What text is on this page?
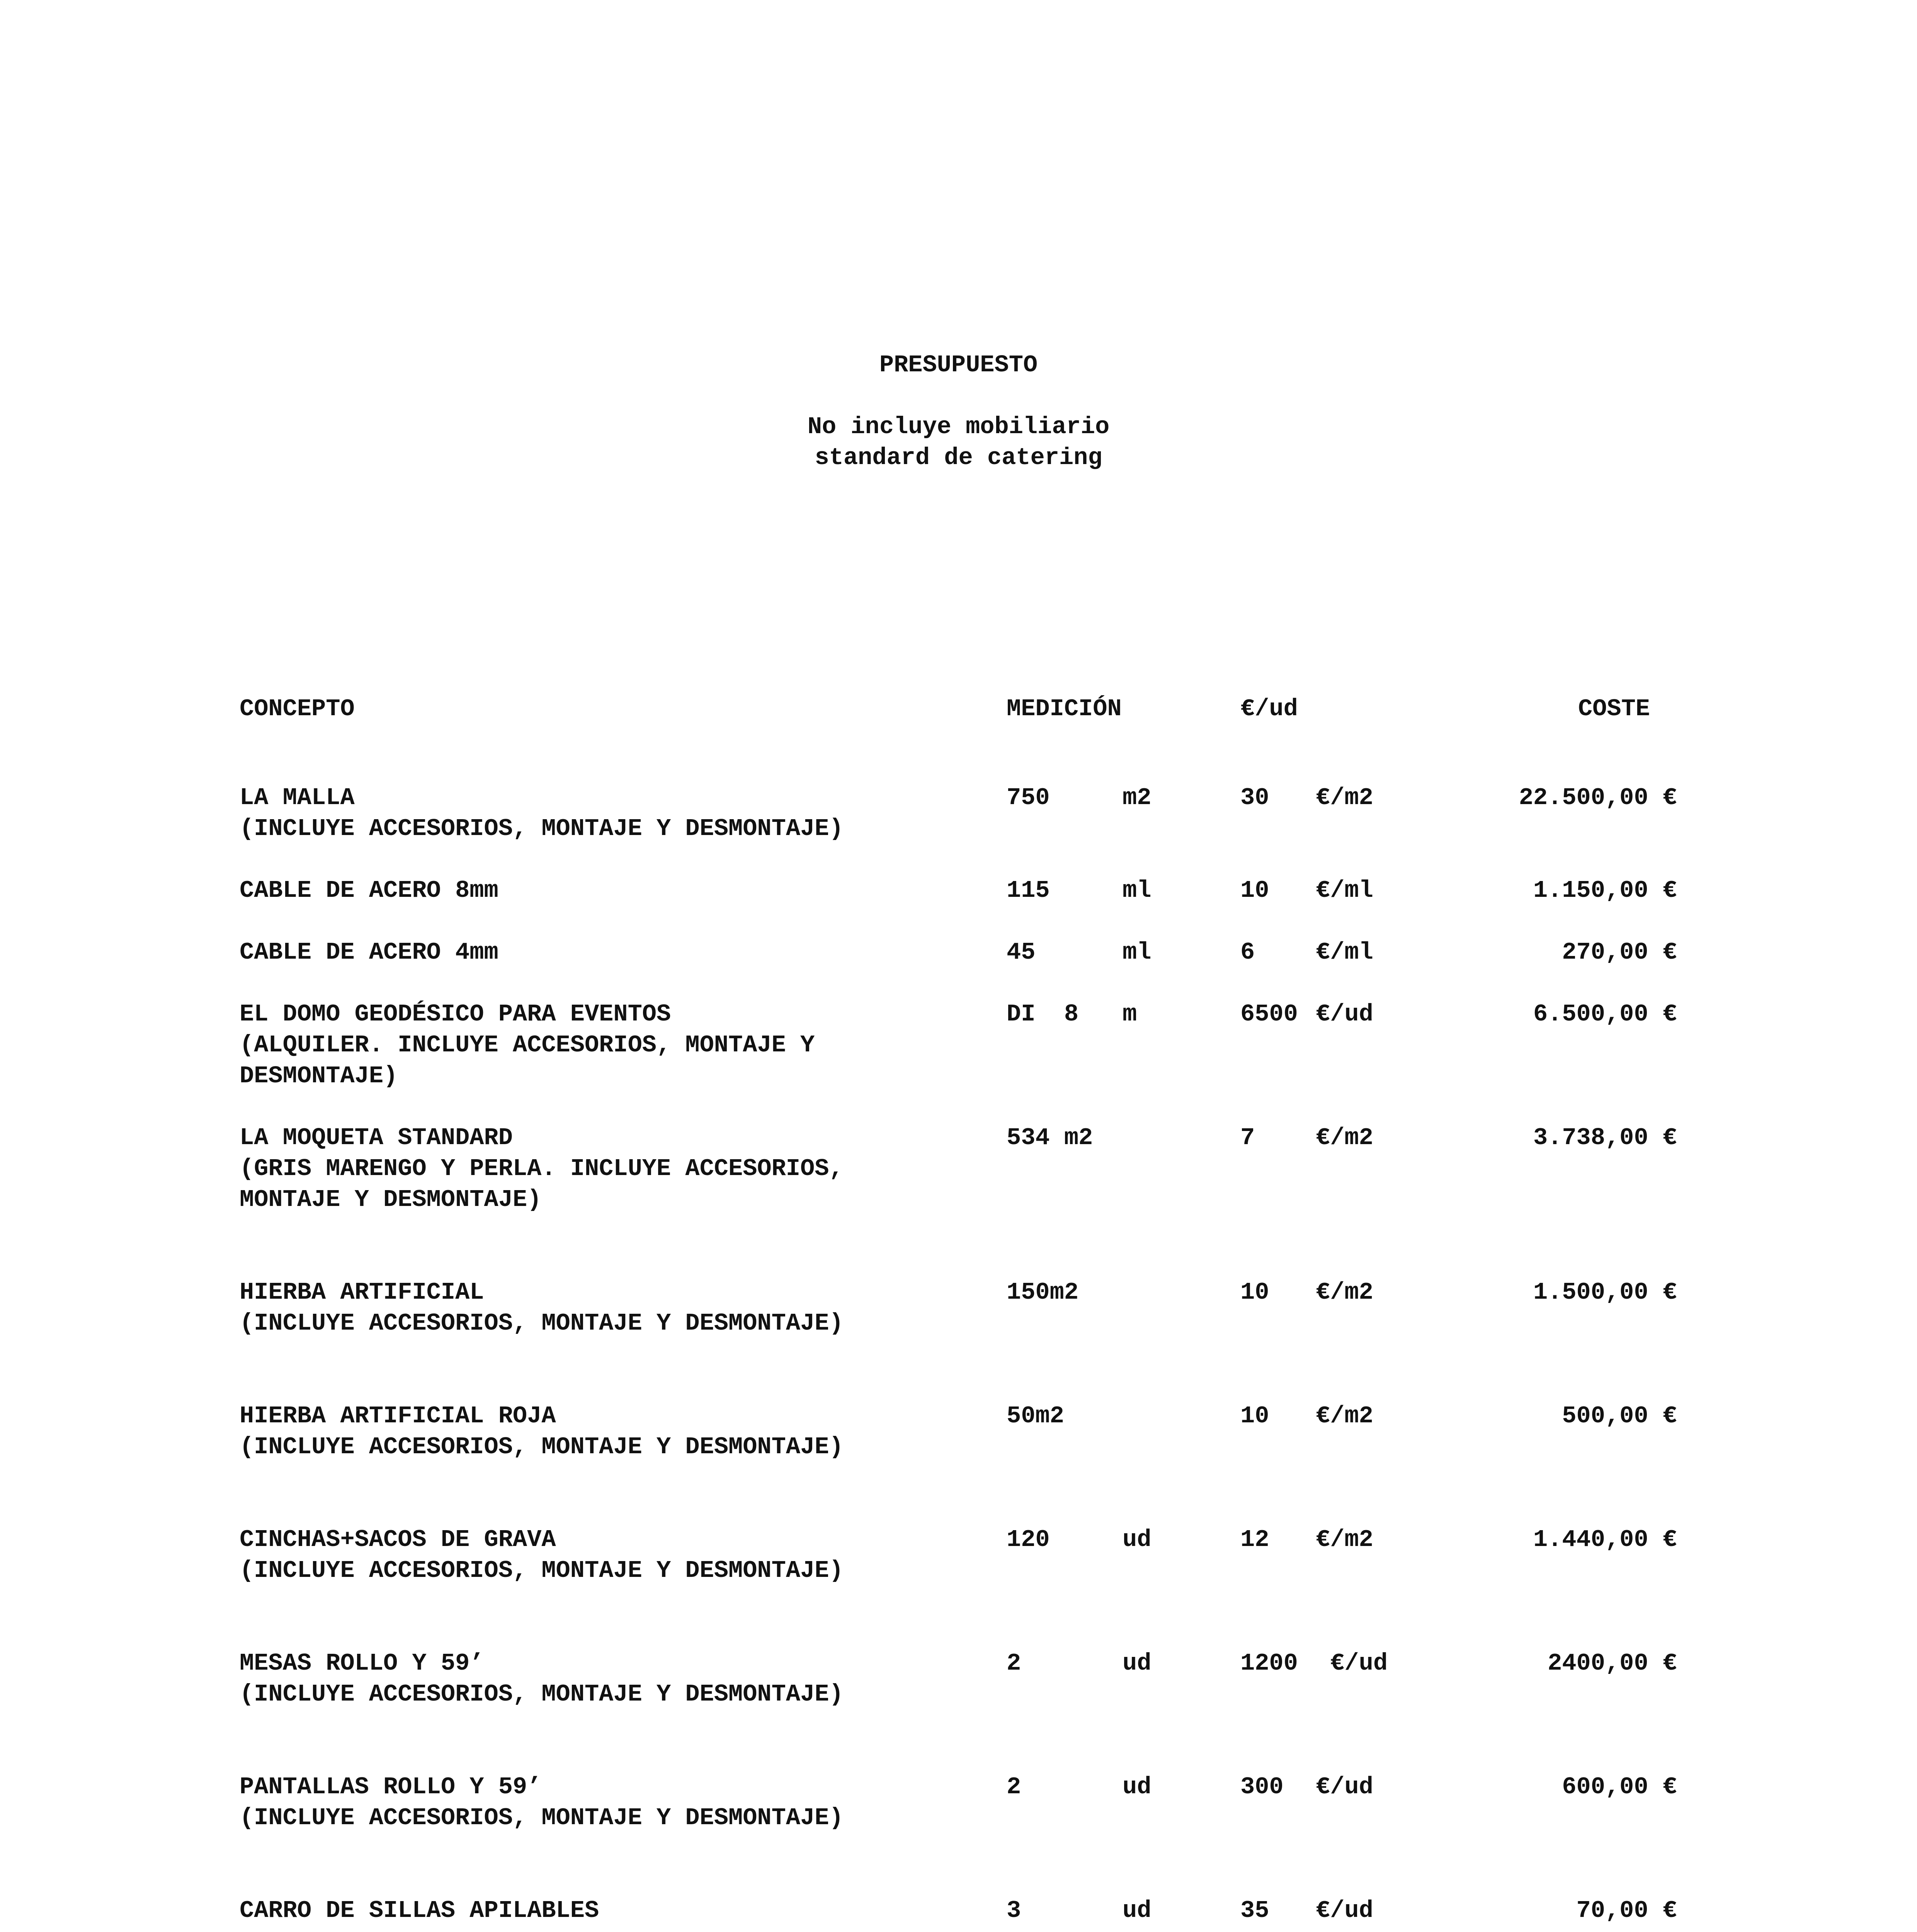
PRESUPUESTO
No incluye mobiliario
standard de catering
CONCEPTO	MEDICIÓN	€/ud	COSTE
LA MALLA
(INCLUYE ACCESORIOS, MONTAJE Y DESMONTAJE)
750	m2	30 €/m2	22.500,00 €
CABLE DE ACERO 8mm	115	ml	10 €/ml	1.150,00 €
CABLE DE ACERO 4mm	45	ml	6	€/ml	270,00 €
EL DOMO GEODÉSICO PARA EVENTOS
(ALQUILER. INCLUYE ACCESORIOS, MONTAJE Y
DESMONTAJE)
DI  8 m	6500 €/ud	6.500,00 €
LA MOQUETA STANDARD
(GRIS MARENGO Y PERLA. INCLUYE ACCESORIOS,
MONTAJE Y DESMONTAJE)
534 m2	7	€/m2	3.738,00 €
HIERBA ARTIFICIAL
(INCLUYE ACCESORIOS, MONTAJE Y DESMONTAJE)
150m2	10 €/m2	1.500,00 €
HIERBA ARTIFICIAL ROJA
(INCLUYE ACCESORIOS, MONTAJE Y DESMONTAJE)
50m2	10 €/m2	500,00 €
CINCHAS+SACOS DE GRAVA
(INCLUYE ACCESORIOS, MONTAJE Y DESMONTAJE)
120	ud	12 €/m2	1.440,00 €
MESAS ROLLO Y 59’
(INCLUYE ACCESORIOS, MONTAJE Y DESMONTAJE)
2	ud	1200 €/ud	2400,00 €
PANTALLAS ROLLO Y 59’
(INCLUYE ACCESORIOS, MONTAJE Y DESMONTAJE)
2	ud	300 €/ud	600,00 €
CARRO DE SILLAS APILABLES	3	ud	35 €/ud	70,00 €
